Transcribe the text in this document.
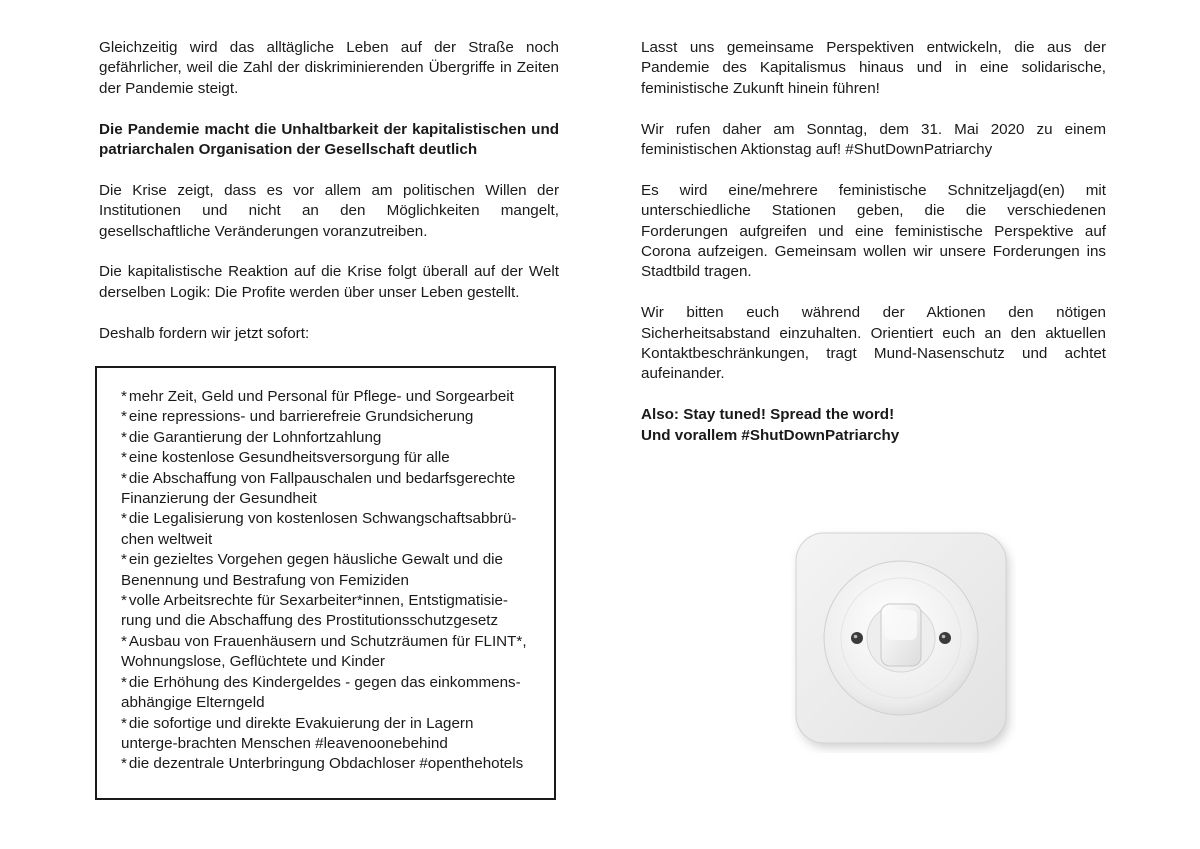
Gleichzeitig wird das alltägliche Leben auf der Straße noch gefährlicher, weil die Zahl der diskriminierenden Übergriffe in Zeiten der Pandemie steigt.

Die Pandemie macht die Unhaltbarkeit der kapitalistischen und patriarchalen Organisation der Gesellschaft deutlich

Die Krise zeigt, dass es vor allem am politischen Willen der Institutionen und nicht an den Möglichkeiten mangelt, gesellschaftliche Veränderungen voranzutreiben.

Die kapitalistische Reaktion auf die Krise folgt überall auf der Welt derselben Logik: Die Profite werden über unser Leben gestellt.

Deshalb fordern wir jetzt sofort:

* mehr Zeit, Geld und Personal für Pflege- und Sorgearbeit
* eine repressions- und barrierefreie Grundsicherung
* die Garantierung der Lohnfortzahlung
* eine kostenlose Gesundheitsversorgung für alle
* die Abschaffung von Fallpauschalen und bedarfsgerechte Finanzierung der Gesundheit
* die Legalisierung von kostenlosen Schwangschaftsabbrü-chen weltweit
* ein gezieltes Vorgehen gegen häusliche Gewalt und die Benennung und Bestrafung von Femiziden
* volle Arbeitsrechte für Sexarbeiter*innen, Entstigmatisie-rung und die Abschaffung des Prostitutionsschutzgesetz
* Ausbau von Frauenhäusern und Schutzräumen für FLINT*, Wohnungslose, Geflüchtete und Kinder
* die Erhöhung des Kindergeldes - gegen das einkommens-abhängige Elterngeld
* die sofortige und direkte Evakuierung der in Lagern unterge-brachten Menschen #leavenoonebehind
* die dezentrale Unterbringung Obdachloser #openthehotels

Lasst uns gemeinsame Perspektiven entwickeln, die aus der Pandemie des Kapitalismus hinaus und in eine solidarische, feministische Zukunft hinein führen!

Wir rufen daher am Sonntag, dem 31. Mai 2020 zu einem feministischen Aktionstag auf! #ShutDownPatriarchy

Es wird eine/mehrere feministische Schnitzeljagd(en) mit unterschiedliche Stationen geben, die die verschiedenen Forderungen aufgreifen und eine feministische Perspektive auf Corona aufzeigen. Gemeinsam wollen wir unsere Forderungen ins Stadtbild tragen.

Wir bitten euch während der Aktionen den nötigen Sicherheitsabstand einzuhalten. Orientiert euch an den aktuellen Kontaktbeschränkungen, tragt Mund-Nasenschutz und achtet aufeinander.

Also: Stay tuned! Spread the word!

Und vorallem #ShutDownPatriarchy
